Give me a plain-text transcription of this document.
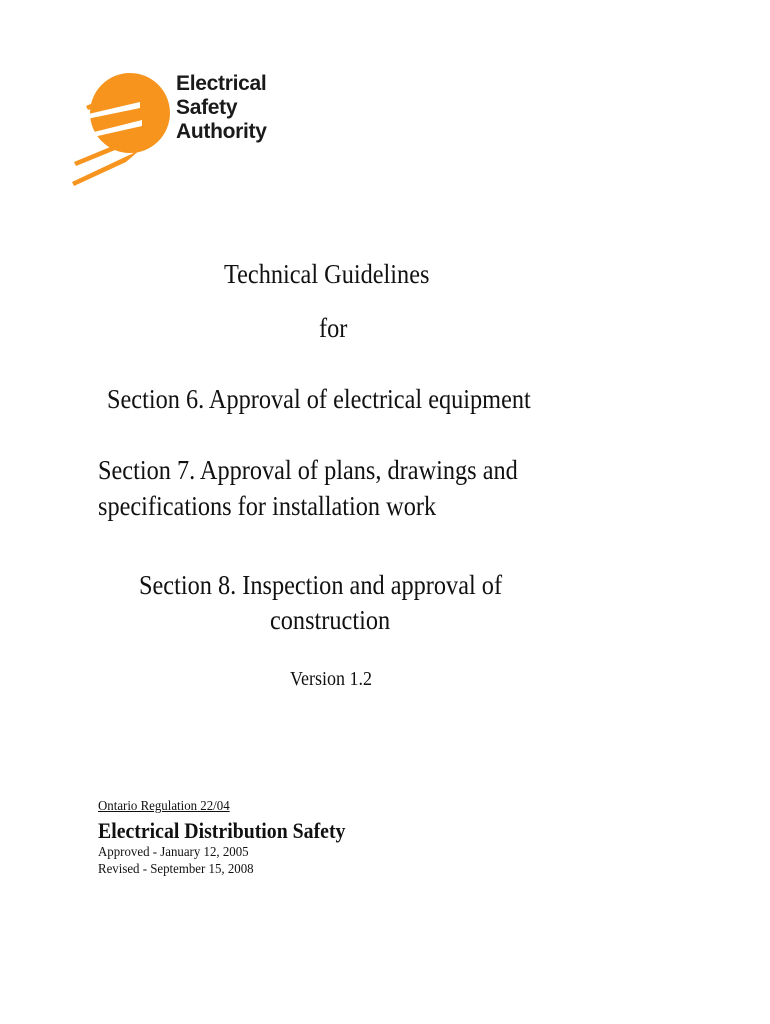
Electrical
Safety
Authority
Technical Guidelines
for
Section 6. Approval of electrical equipment
Section 7. Approval of plans, drawings and
specifications for installation work
Section 8. Inspection and approval of
construction
Version 1.2
Ontario Regulation 22/04
Electrical Distribution Safety
Approved - January 12, 2005
Revised - September 15, 2008
